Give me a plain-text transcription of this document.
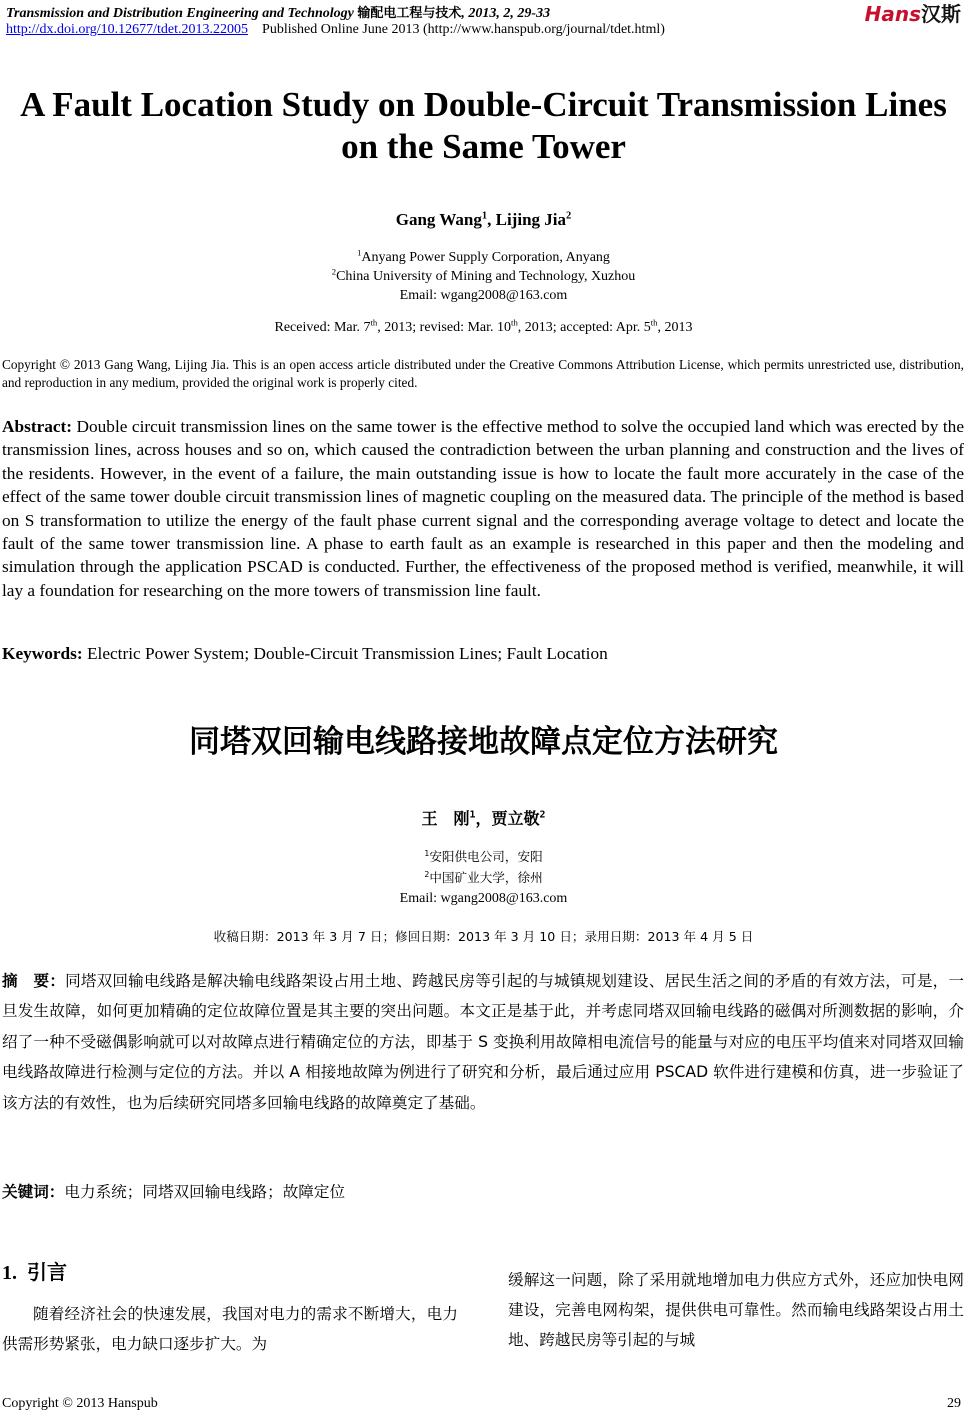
Transmission and Distribution Engineering and Technology 输配电工程与技术, 2013, 2, 29-33
http://dx.doi.org/10.12677/tdet.2013.22005 Published Online June 2013 (http://www.hanspub.org/journal/tdet.html)
Hans汉斯
A Fault Location Study on Double-Circuit Transmission Lines on the Same Tower
Gang Wang$^1$, Lijing Jia$^2$
$^1$Anyang Power Supply Corporation, Anyang
$^2$China University of Mining and Technology, Xuzhou
Email: wgang2008@163.com
Received: Mar. 7th, 2013; revised: Mar. 10th, 2013; accepted: Apr. 5th, 2013
Copyright © 2013 Gang Wang, Lijing Jia. This is an open access article distributed under the Creative Commons Attribution License, which permits unrestricted use, distribution, and reproduction in any medium, provided the original work is properly cited.
Abstract: Double circuit transmission lines on the same tower is the effective method to solve the occupied land which was erected by the transmission lines, across houses and so on, which caused the contradiction between the urban planning and construction and the lives of the residents. However, in the event of a failure, the main outstanding issue is how to locate the fault more accurately in the case of the effect of the same tower double circuit transmission lines of magnetic coupling on the measured data. The principle of the method is based on S transformation to utilize the energy of the fault phase current signal and the corresponding average voltage to detect and locate the fault of the same tower transmission line. A phase to earth fault as an example is researched in this paper and then the modeling and simulation through the application PSCAD is conducted. Further, the effectiveness of the proposed method is verified, meanwhile, it will lay a foundation for researching on the more towers of transmission line fault.
Keywords: Electric Power System; Double-Circuit Transmission Lines; Fault Location
同塔双回输电线路接地故障点定位方法研究
王　刚$^1$，贾立敬$^2$
$^1$安阳供电公司，安阳
$^2$中国矿业大学，徐州
Email: wgang2008@163.com
收稿日期：2013 年 3 月 7 日；修回日期：2013 年 3 月 10 日；录用日期：2013 年 4 月 5 日
摘　要：同塔双回输电线路是解决输电线路架设占用土地、跨越民房等引起的与城镇规划建设、居民生活之间的矛盾的有效方法，可是，一旦发生故障，如何更加精确的定位故障位置是其主要的突出问题。本文正是基于此，并考虑同塔双回输电线路的磁偶对所测数据的影响，介绍了一种不受磁偶影响就可以对故障点进行精确定位的方法，即基于 S 变换利用故障相电流信号的能量与对应的电压平均值来对同塔双回输电线路故障进行检测与定位的方法。并以 A 相接地故障为例进行了研究和分析，最后通过应用 PSCAD 软件进行建模和仿真，进一步验证了该方法的有效性，也为后续研究同塔多回输电线路的故障奠定了基础。
关键词：电力系统；同塔双回输电线路；故障定位
1. 引言
随着经济社会的快速发展，我国对电力的需求不断增大，电力供需形势紧张，电力缺口逐步扩大。为
缓解这一问题，除了采用就地增加电力供应方式外，还应加快电网建设，完善电网构架，提供供电可靠性。然而输电线路架设占用土地、跨越民房等引起的与城
Copyright © 2013 Hanspub	29
